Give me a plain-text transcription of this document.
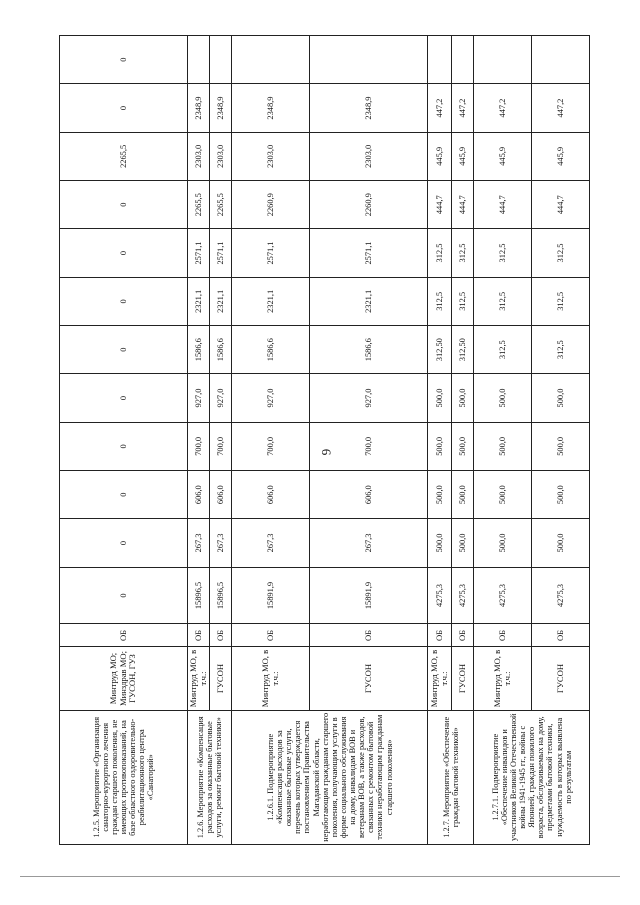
6
1.2.5. Мероприятие «Организация санаторно-курортного лечения граждан старшего поколения, не имеющих противопоказаний, на базе областного оздоровительно-реабилитационного центра «Санаторий»	Минтруд МО; Минздрав МО; ГУСОН, ГУЗ	ОБ	0	0	0	0	0	0	0	0	0	2265,5	0	0

1.2.6. Мероприятие «Компенсация расходов за оказанные бытовые услуги, ремонт бытовой техники»	Минтруд МО, в т.ч.:	ОБ	15896,5	267,3	606,0	700,0	927,0	1586,6	2321,1	2571,1	2265,5	2303,0	2348,9	
	ГУСОН	ОБ	15896,5	267,3	606,0	700,0	927,0	1586,6	2321,1	2571,1	2265,5	2303,0	2348,9	

1.2.6.1. Подмероприятие «Компенсация расходов за оказанные бытовые услуги, перечень которых утверждается постановлением Правительства Магаданской области, неработающим гражданам старшего поколения, получающим услуги в форме социального обслуживания на дому, инвалидам ВОВ и ветеранам ВОВ, а также расходов, связанных с ремонтом бытовой техники неработающим гражданам старшего поколения»	Минтруд МО, в т.ч.:	ОБ	15891,9	267,3	606,0	700,0	927,0	1586,6	2321,1	2571,1	2260,9	2303,0	2348,9	
	ГУСОН	ОБ	15891,9	267,3	606,0	700,0	927,0	1586,6	2321,1	2571,1	2260,9	2303,0	2348,9	

1.2.7. Мероприятие «Обеспечение граждан бытовой техникой»	Минтруд МО, в т.ч.:	ОБ	4275,3	500,0	500,0	500,0	500,0	312,50	312,5	312,5	444,7	445,9	447,2	
	ГУСОН	ОБ	4275,3	500,0	500,0	500,0	500,0	312,50	312,5	312,5	444,7	445,9	447,2	

1.2.7.1. Подмероприятие «Обеспечение инвалидов и участников Великой Отечественной войны 1941-1945 гг., войны с Японией, граждан пожилого возраста, обслуживаемых на дому, предметами бытовой техники, нуждаемость в которых выявлена по результатам	Минтруд МО, в т.ч.:	ОБ	4275,3	500,0	500,0	500,0	500,0	312,5	312,5	312,5	444,7	445,9	447,2	
	ГУСОН	ОБ	4275,3	500,0	500,0	500,0	500,0	312,5	312,5	312,5	444,7	445,9	447,2	
